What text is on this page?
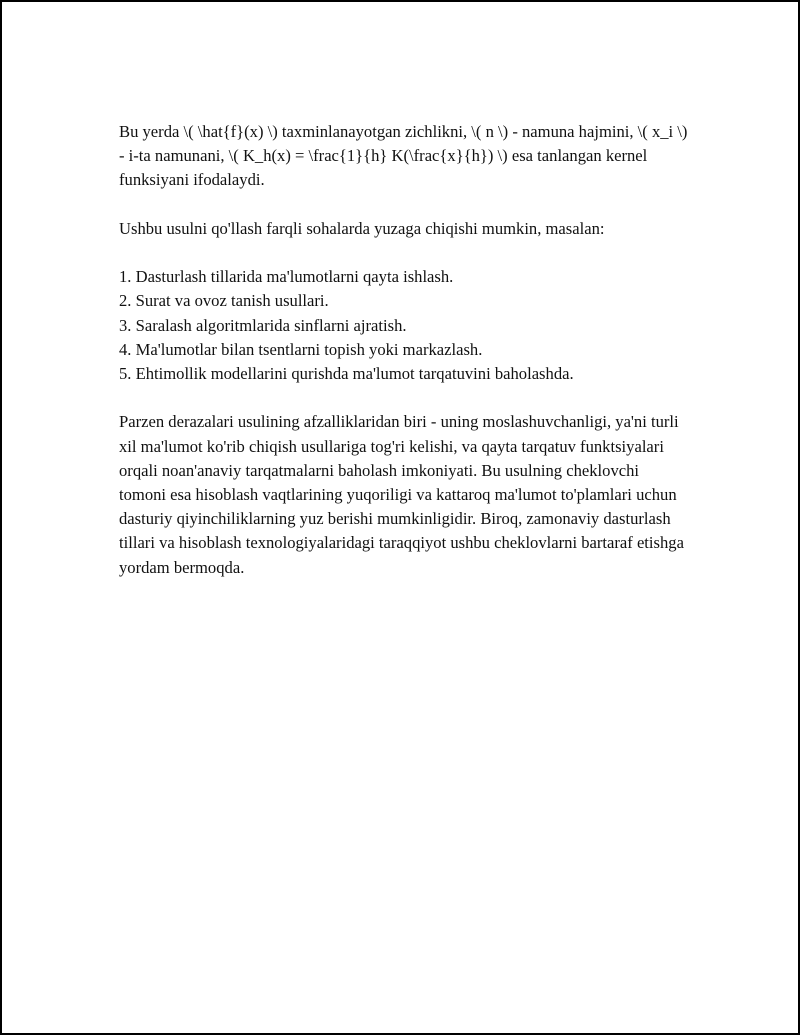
Bu yerda \( \hat{f}(x) \) taxminlanayotgan zichlikni, \( n \) - namuna hajmini, \( x_i \) - i-ta namunani, \( K_h(x) = \frac{1}{h} K(\frac{x}{h}) \) esa tanlangan kernel funksiyani ifodalaydi.

Ushbu usulni qo'llash farqli sohalarda yuzaga chiqishi mumkin, masalan:

1. Dasturlash tillarida ma'lumotlarni qayta ishlash.
2. Surat va ovoz tanish usullari.
3. Saralash algoritmlarida sinflarni ajratish.
4. Ma'lumotlar bilan tsentlarni topish yoki markazlash.
5. Ehtimollik modellarini qurishda ma'lumot tarqatuvini baholashda.

Parzen derazalari usulining afzalliklaridan biri - uning moslashuvchanligi, ya'ni turli xil ma'lumot ko'rib chiqish usullariga tog'ri kelishi, va qayta tarqatuv funktsiyalari orqali noan'anaviy tarqatmalarni baholash imkoniyati. Bu usulning cheklovchi tomoni esa hisoblash vaqtlarining yuqoriligi va kattaroq ma'lumot to'plamlari uchun dasturiy qiyinchiliklarning yuz berishi mumkinligidir. Biroq, zamonaviy dasturlash tillari va hisoblash texnologiyalaridagi taraqqiyot ushbu cheklovlarni bartaraf etishga yordam bermoqda.
